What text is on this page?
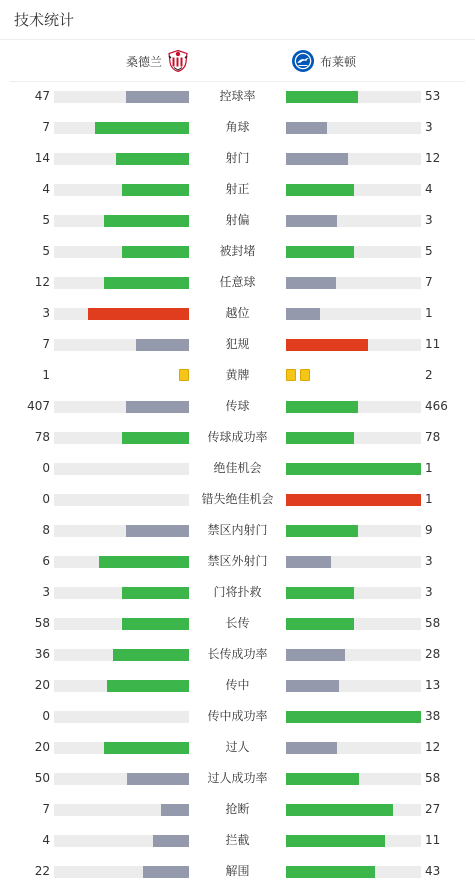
技术统计
桑德兰	布莱顿
47	控球率	53
7	角球	3
14	射门	12
4	射正	4
5	射偏	3
5	被封堵	5
12	任意球	7
3	越位	1
7	犯规	11
1	黄牌	2
407	传球	466
78	传球成功率	78
0	绝佳机会	1
0	错失绝佳机会	1
8	禁区内射门	9
6	禁区外射门	3
3	门将扑救	3
58	长传	58
36	长传成功率	28
20	传中	13
0	传中成功率	38
20	过人	12
50	过人成功率	58
7	抢断	27
4	拦截	11
22	解围	43
